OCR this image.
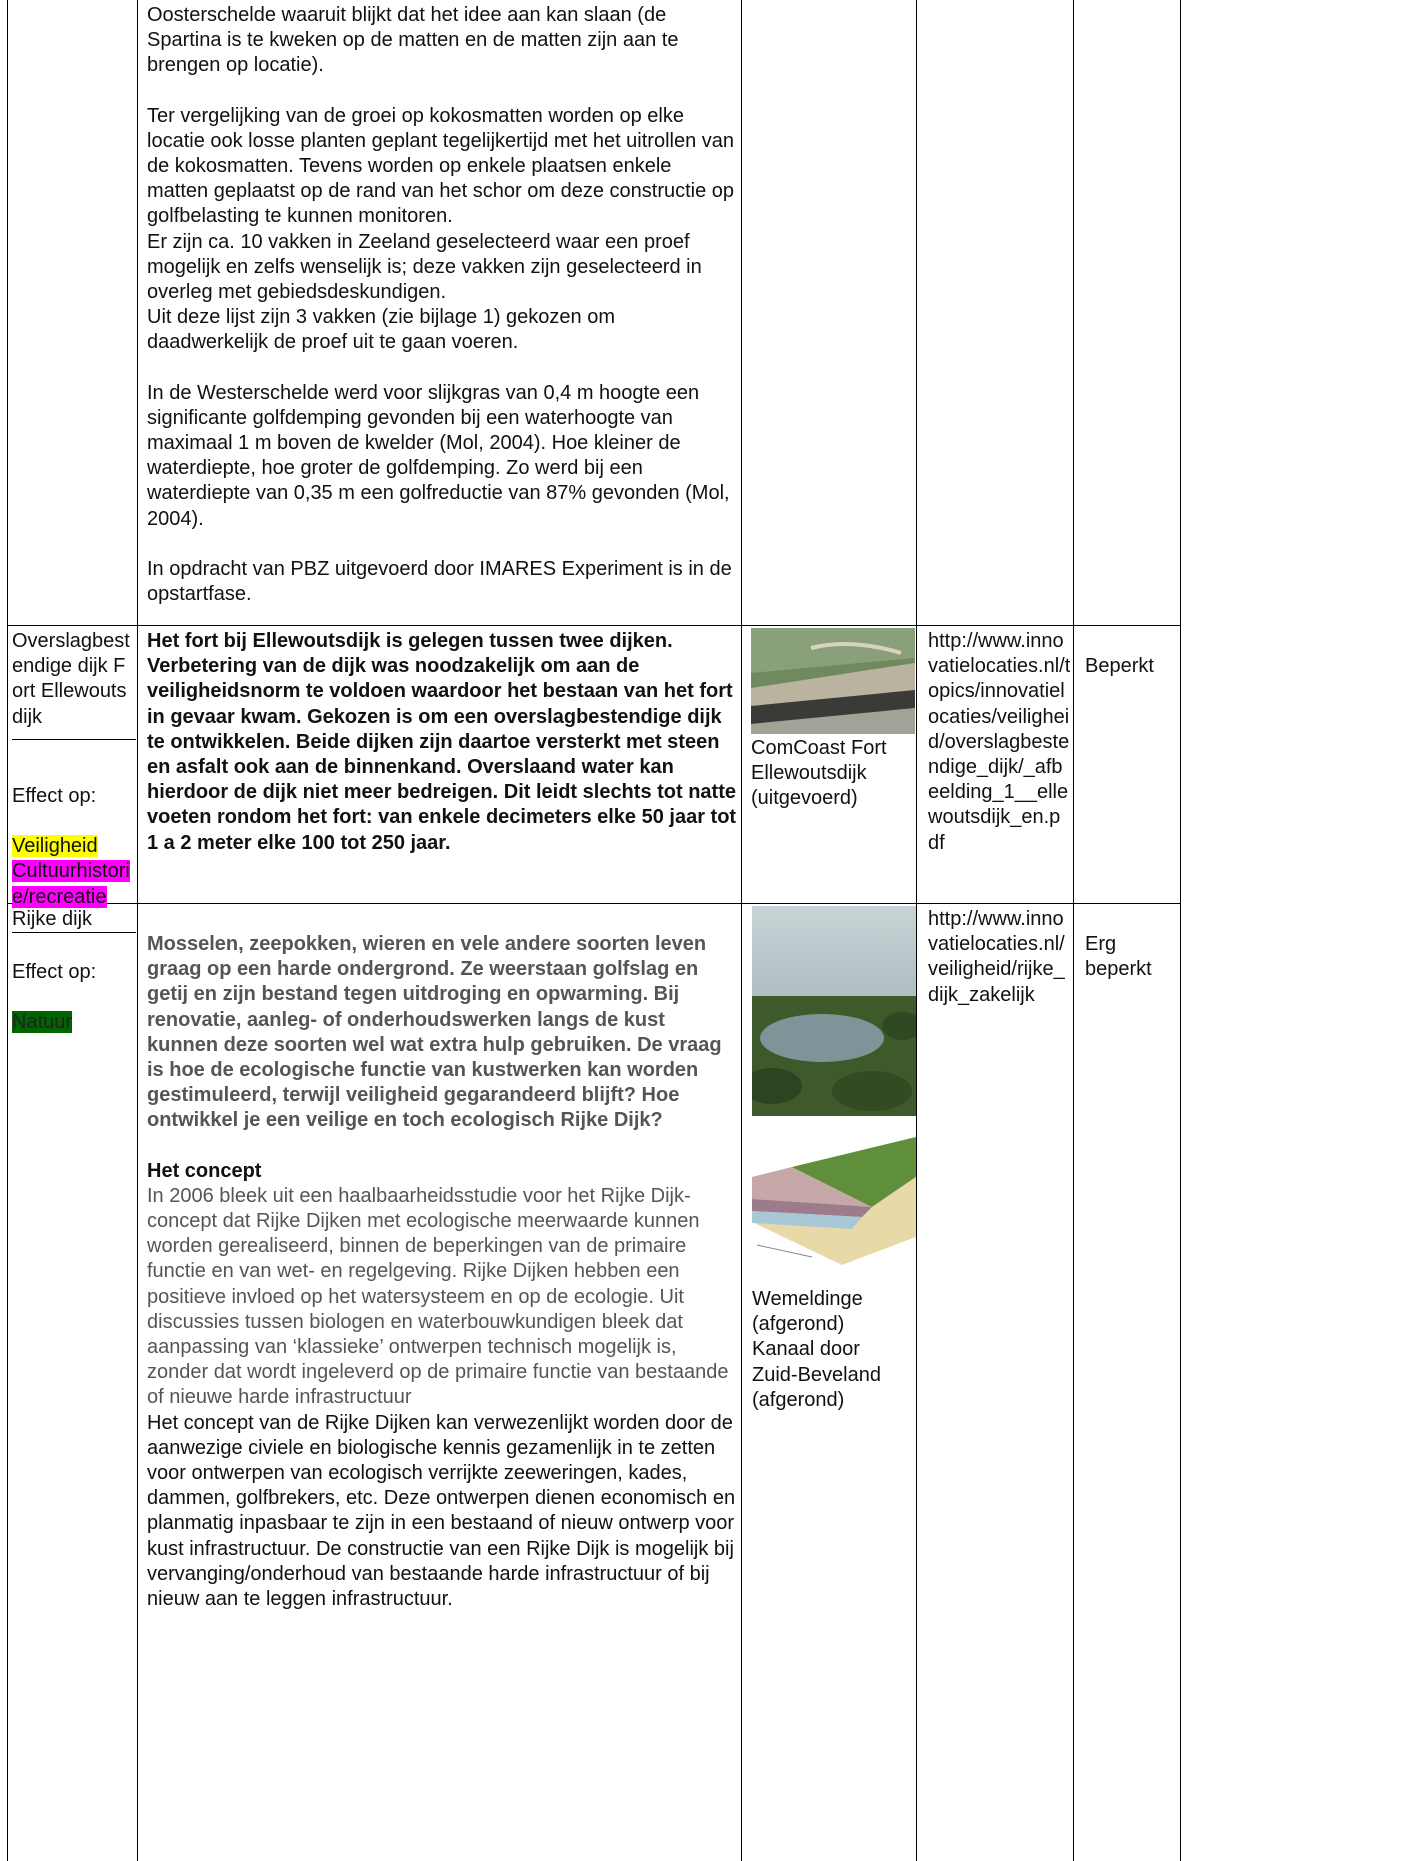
Oosterschelde waaruit blijkt dat het idee aan kan slaan (de Spartina is te kweken op de matten en de matten zijn aan te brengen op locatie).

Ter vergelijking van de groei op kokosmatten worden op elke locatie ook losse planten geplant tegelijkertijd met het uitrollen van de kokosmatten. Tevens worden op enkele plaatsen enkele matten geplaatst op de rand van het schor om deze constructie op golfbelasting te kunnen monitoren.

Er zijn ca. 10 vakken in Zeeland geselecteerd waar een proef mogelijk en zelfs wenselijk is; deze vakken zijn geselecteerd in overleg met gebiedsdeskundigen.

Uit deze lijst zijn 3 vakken (zie bijlage 1) gekozen om daadwerkelijk de proef uit te gaan voeren.

In de Westerschelde werd voor slijkgras van 0,4 m hoogte een significante golfdemping gevonden bij een waterhoogte van maximaal 1 m boven de kwelder (Mol, 2004). Hoe kleiner de waterdiepte, hoe groter de golfdemping. Zo werd bij een waterdiepte van 0,35 m een golfreductie van 87% gevonden (Mol, 2004).

In opdracht van PBZ uitgevoerd door IMARES Experiment is in de opstartfase.

Overslagbestendige dijk Fort Ellewoutsdijk
Effect op:
Veiligheid
Cultuurhistorie/recreatie
Het fort bij Ellewoutsdijk is gelegen tussen twee dijken. Verbetering van de dijk was noodzakelijk om aan de veiligheidsnorm te voldoen waardoor het bestaan van het fort in gevaar kwam. Gekozen is om een overslagbestendige dijk te ontwikkelen. Beide dijken zijn daartoe versterkt met steen en asfalt ook aan de binnenkand. Overslaand water kan hierdoor de dijk niet meer bedreigen. Dit leidt slechts tot natte voeten rondom het fort: van enkele decimeters elke 50 jaar tot 1 a 2 meter elke 100 tot 250 jaar.
ComCoast Fort Ellewoutsdijk (uitgevoerd)
http://www.innovatielocaties.nl/topics/innovatielocaties/veiligheid/overslagbestendige_dijk/_afbeelding_1__ellewoutsdijk_en.pdf
Beperkt
Rijke dijk
Effect op:
Natuur

Mosselen, zeepokken, wieren en vele andere soorten leven graag op een harde ondergrond. Ze weerstaan golfslag en getij en zijn bestand tegen uitdroging en opwarming. Bij renovatie, aanleg- of onderhoudswerken langs de kust kunnen deze soorten wel wat extra hulp gebruiken. De vraag is hoe de ecologische functie van kustwerken kan worden gestimuleerd, terwijl veiligheid gegarandeerd blijft? Hoe ontwikkel je een veilige en toch ecologisch Rijke Dijk?

Het concept

In 2006 bleek uit een haalbaarheidsstudie voor het Rijke Dijk-concept dat Rijke Dijken met ecologische meerwaarde kunnen worden gerealiseerd, binnen de beperkingen van de primaire functie en van wet- en regelgeving. Rijke Dijken hebben een positieve invloed op het watersysteem en op de ecologie. Uit discussies tussen biologen en waterbouwkundigen bleek dat aanpassing van ‘klassieke’ ontwerpen technisch mogelijk is, zonder dat wordt ingeleverd op de primaire functie van bestaande of nieuwe harde infrastructuur

Het concept van de Rijke Dijken kan verwezenlijkt worden door de aanwezige civiele en biologische kennis gezamenlijk in te zetten voor ontwerpen van ecologisch verrijkte zeeweringen, kades, dammen, golfbrekers, etc. Deze ontwerpen dienen economisch en planmatig inpasbaar te zijn in een bestaand of nieuw ontwerp voor kust infrastructuur. De constructie van een Rijke Dijk is mogelijk bij vervanging/onderhoud van bestaande harde infrastructuur of bij nieuw aan te leggen infrastructuur.

Wemeldinge (afgerond) Kanaal door Zuid-Beveland (afgerond)
http://www.innovatielocaties.nl/veiligheid/rijke_dijk_zakelijk
Erg beperkt
